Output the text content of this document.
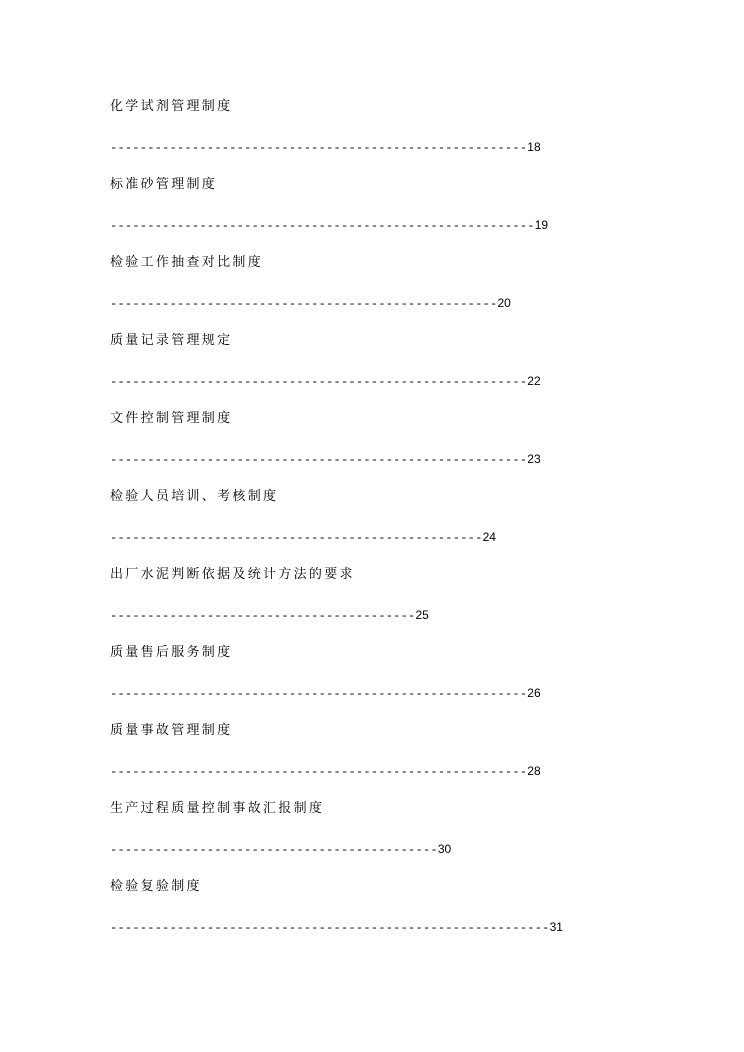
化学试剂管理制度
--------------------------------------------------------18
标准砂管理制度
---------------------------------------------------------19
检验工作抽查对比制度
----------------------------------------------------20
质量记录管理规定
--------------------------------------------------------22
文件控制管理制度
--------------------------------------------------------23
检验人员培训、考核制度
--------------------------------------------------24
出厂水泥判断依据及统计方法的要求
-----------------------------------------25
质量售后服务制度
--------------------------------------------------------26
质量事故管理制度
--------------------------------------------------------28
生产过程质量控制事故汇报制度
--------------------------------------------30
检验复验制度
-----------------------------------------------------------31
